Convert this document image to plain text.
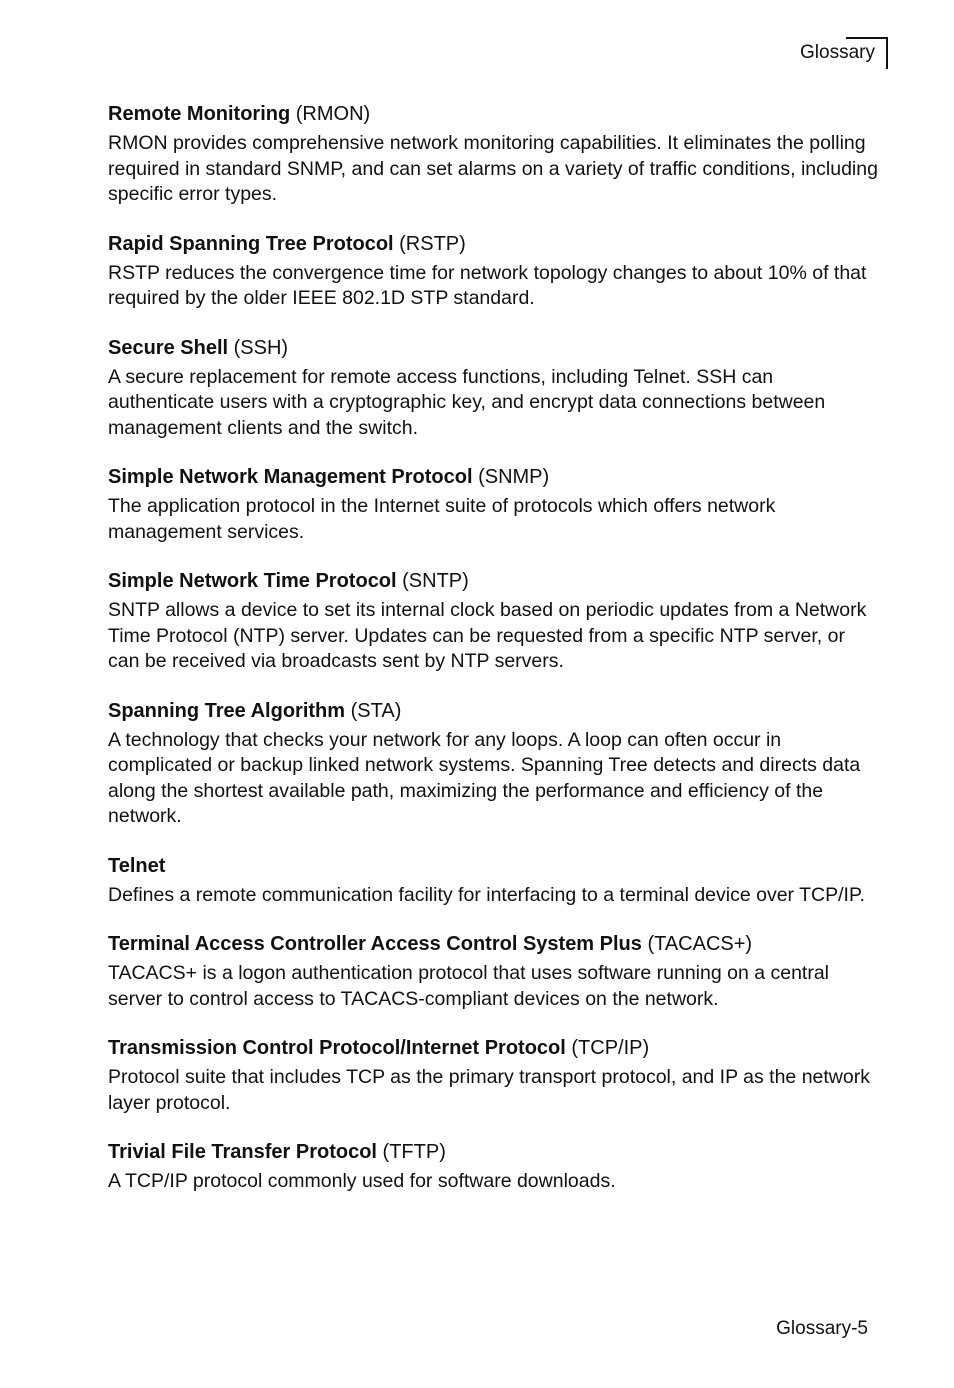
Glossary

Remote Monitoring (RMON)

RMON provides comprehensive network monitoring capabilities. It eliminates the polling required in standard SNMP, and can set alarms on a variety of traffic conditions, including specific error types.

Rapid Spanning Tree Protocol (RSTP)

RSTP reduces the convergence time for network topology changes to about 10% of that required by the older IEEE 802.1D STP standard.

Secure Shell (SSH)

A secure replacement for remote access functions, including Telnet. SSH can authenticate users with a cryptographic key, and encrypt data connections between management clients and the switch.

Simple Network Management Protocol (SNMP)

The application protocol in the Internet suite of protocols which offers network management services.

Simple Network Time Protocol (SNTP)

SNTP allows a device to set its internal clock based on periodic updates from a Network Time Protocol (NTP) server. Updates can be requested from a specific NTP server, or can be received via broadcasts sent by NTP servers.

Spanning Tree Algorithm (STA)

A technology that checks your network for any loops. A loop can often occur in complicated or backup linked network systems. Spanning Tree detects and directs data along the shortest available path, maximizing the performance and efficiency of the network.

Telnet

Defines a remote communication facility for interfacing to a terminal device over TCP/IP.

Terminal Access Controller Access Control System Plus (TACACS+)

TACACS+ is a logon authentication protocol that uses software running on a central server to control access to TACACS-compliant devices on the network.

Transmission Control Protocol/Internet Protocol (TCP/IP)

Protocol suite that includes TCP as the primary transport protocol, and IP as the network layer protocol.

Trivial File Transfer Protocol (TFTP)

A TCP/IP protocol commonly used for software downloads.

Glossary-5
